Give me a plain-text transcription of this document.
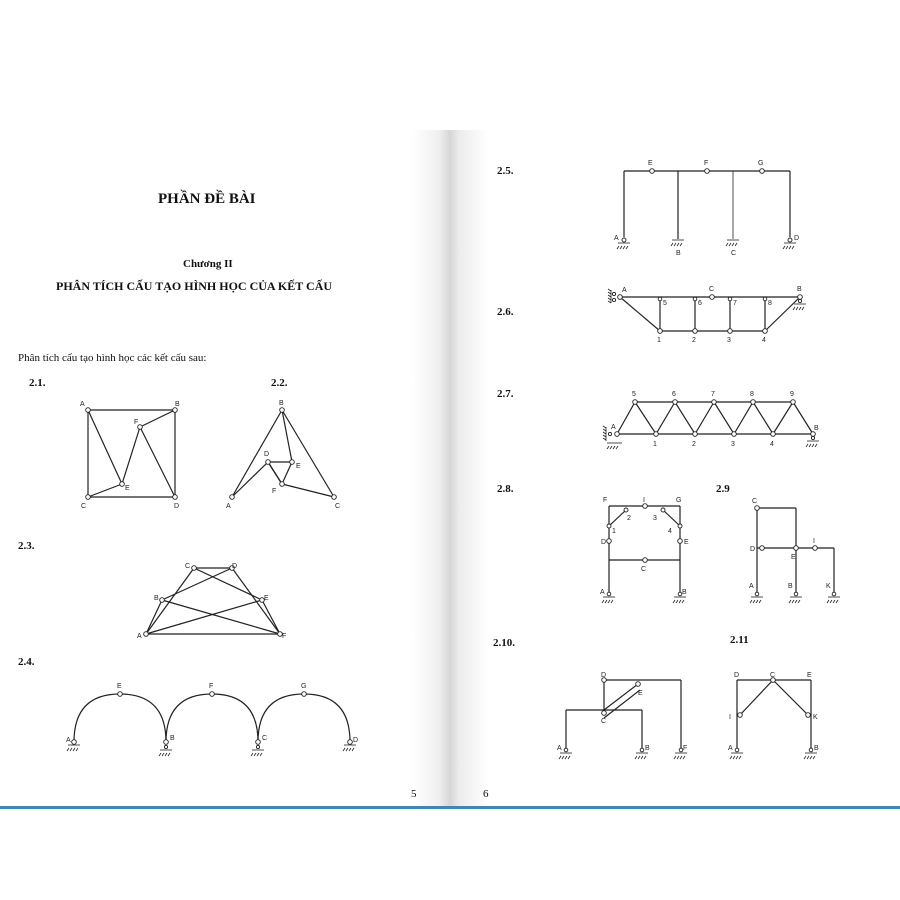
PHẦN ĐỀ BÀI
Chương II
PHÂN TÍCH CẤU TẠO HÌNH HỌC CỦA KẾT CẤU
Phân tích cấu tạo hình học các kết cấu sau:
2.1.	2.2.
2.3.
2.4.
5
2.5.
2.6.
2.7.
2.8.	2.9
2.10.	2.11
6
A	B
C	D
E
F
A
B
C
D
E
F
A
B
C	D
E
F
A	B	C	D
E	F	G
A
B	C
D
E	F	G
A	B
C
1	2	3	4
5	6	7	8
A	B
1	2	3	4
5	6	7	8	9
A	B
C
D	E
F	G
I
1
2	3
4
A	B
C
D
E
I
K
A	B
C
D
E
F	A	B
C
D	E
I	K
